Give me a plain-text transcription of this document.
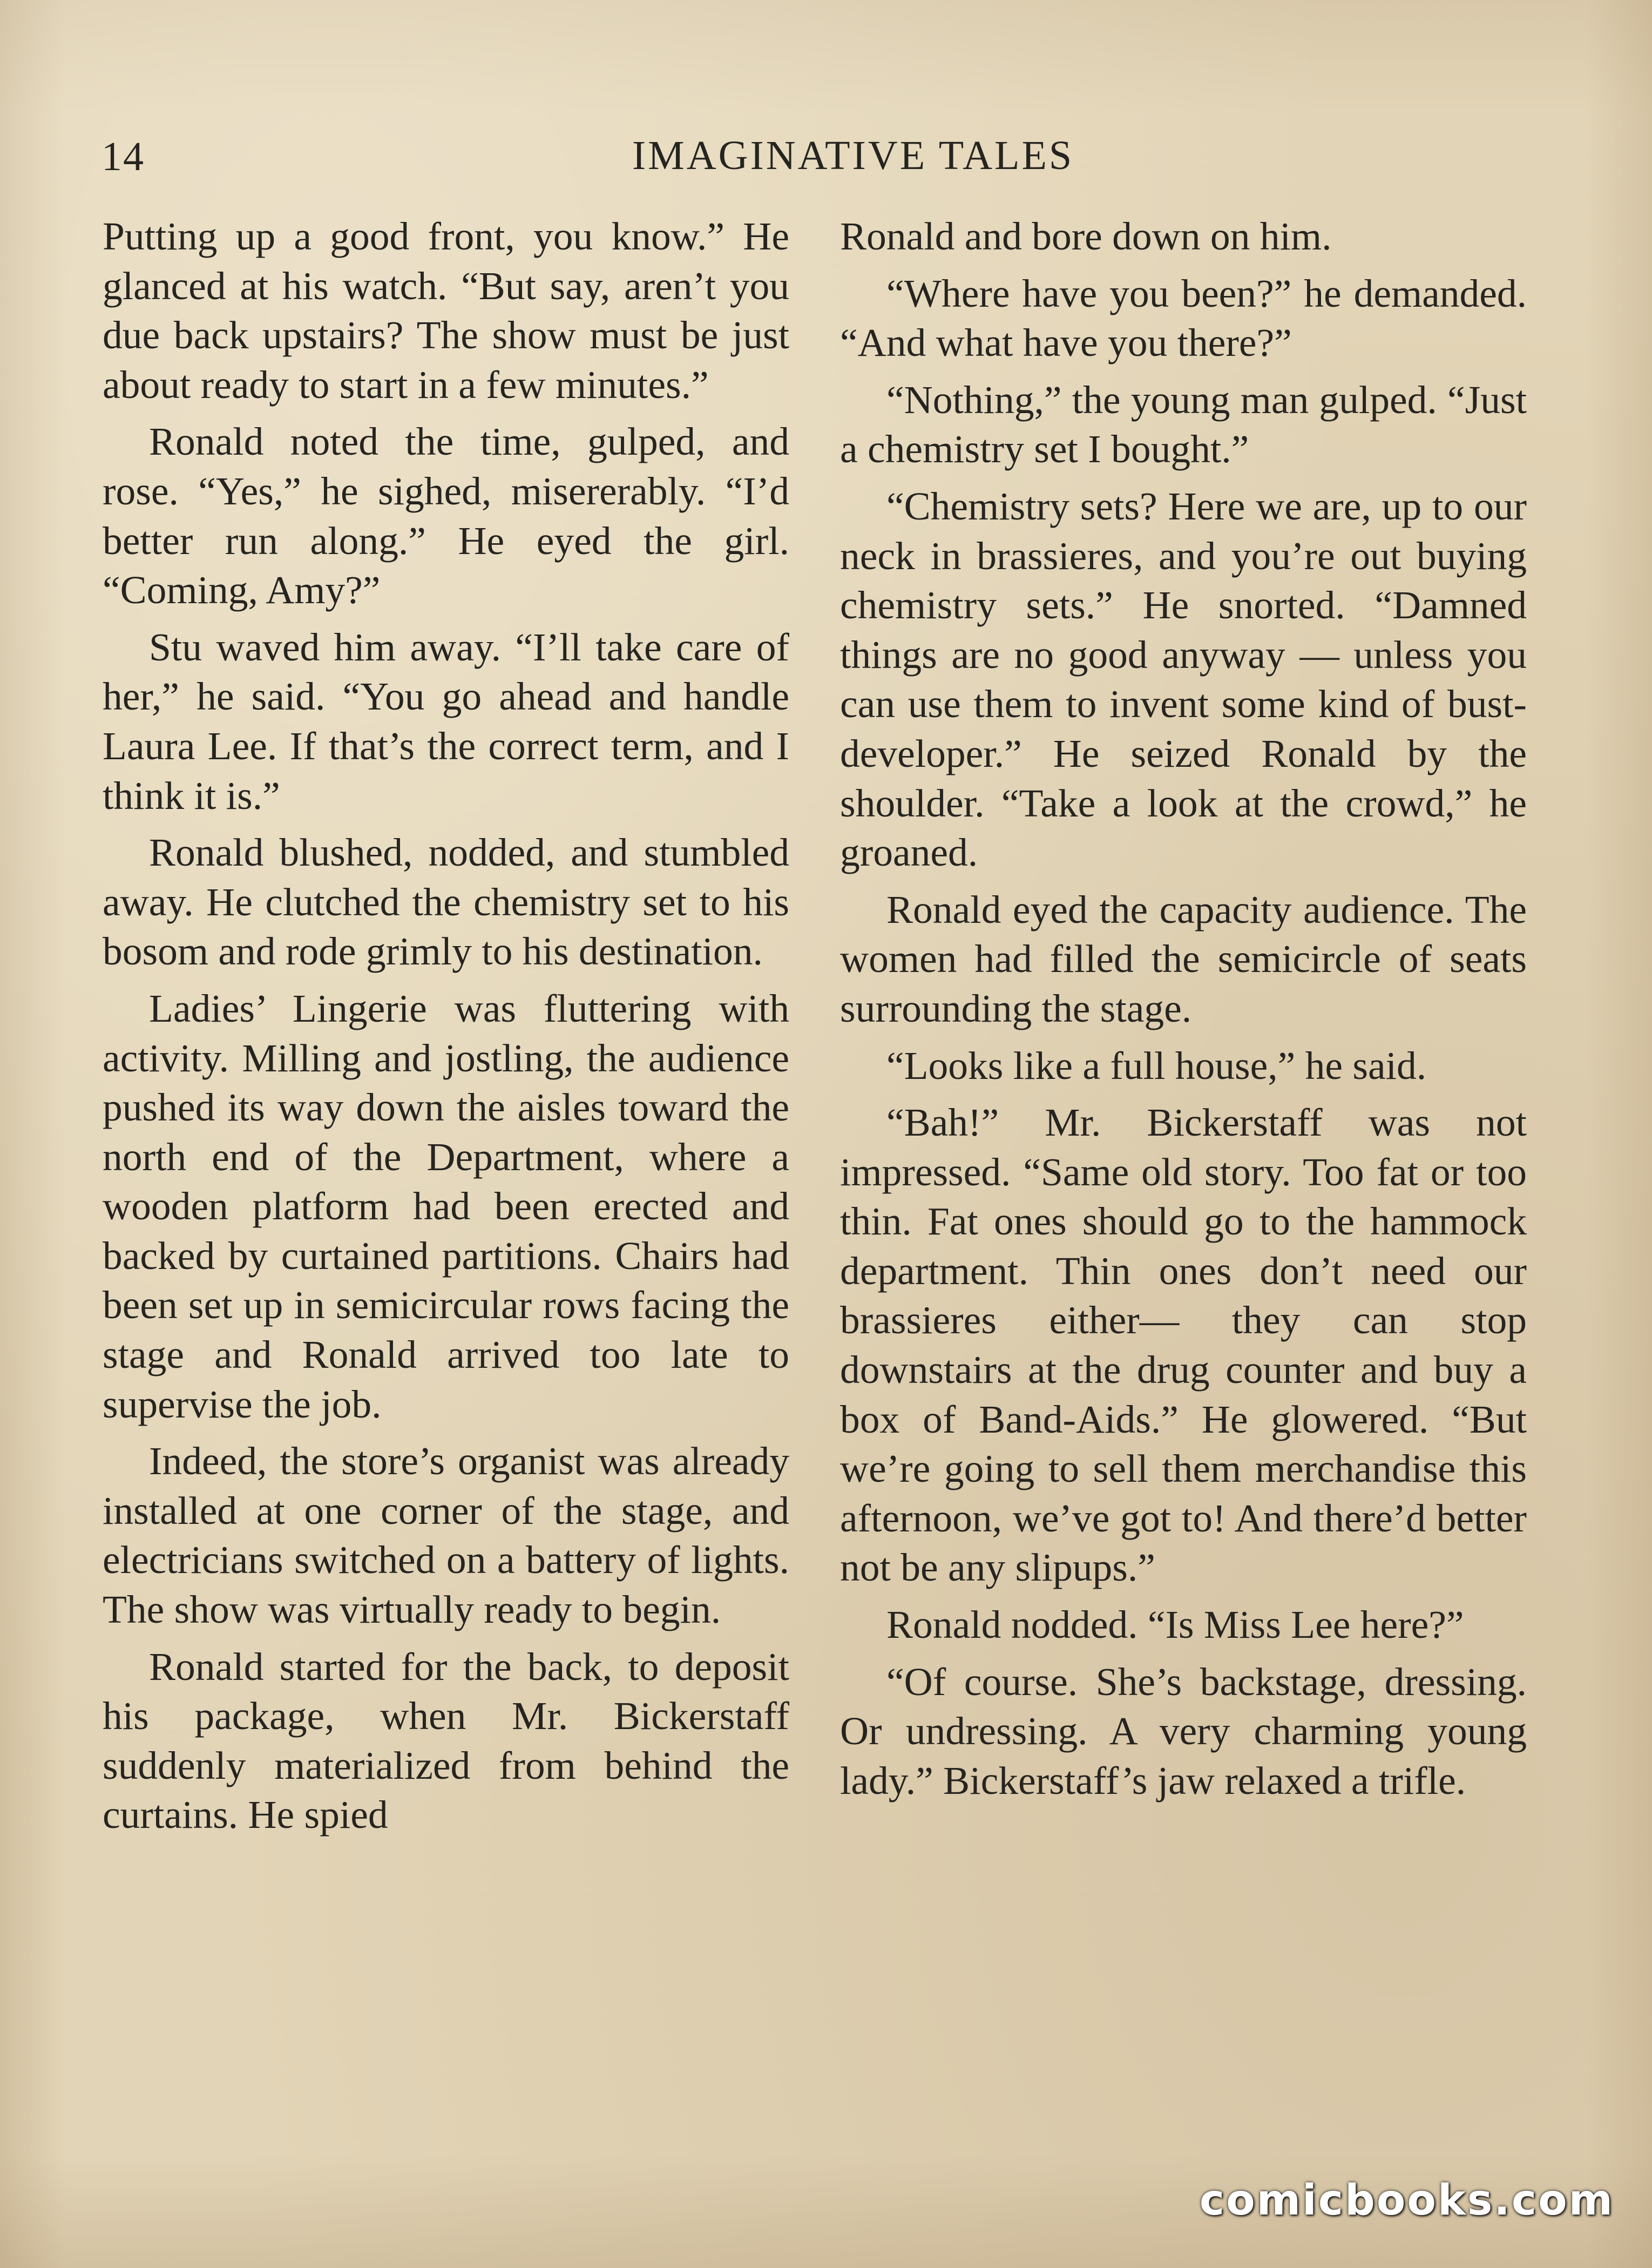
14	IMAGINATIVE TALES

Putting up a good front, you know.” He glanced at his watch. “But say, aren’t you due back upstairs? The show must be just about ready to start in a few minutes.”

Ronald noted the time, gulped, and rose. “Yes,” he sighed, misererably. “I’d better run along.” He eyed the girl. “Coming, Amy?”

Stu waved him away. “I’ll take care of her,” he said. “You go ahead and handle Laura Lee. If that’s the correct term, and I think it is.”

Ronald blushed, nodded, and stumbled away. He clutched the chemistry set to his bosom and rode grimly to his destination.

Ladies’ Lingerie was fluttering with activity. Milling and jostling, the audience pushed its way down the aisles toward the north end of the Department, where a wooden platform had been erected and backed by curtained partitions. Chairs had been set up in semicircular rows facing the stage and Ronald arrived too late to supervise the job.

Indeed, the store’s organist was already installed at one corner of the stage, and electricians switched on a battery of lights. The show was virtually ready to begin.

Ronald started for the back, to deposit his package, when Mr. Bickerstaff suddenly materialized from behind the curtains. He spied

Ronald and bore down on him.

“Where have you been?” he demanded. “And what have you there?”

“Nothing,” the young man gulped. “Just a chemistry set I bought.”

“Chemistry sets? Here we are, up to our neck in brassieres, and you’re out buying chemistry sets.” He snorted. “Damned things are no good anyway — unless you can use them to invent some kind of bust-developer.” He seized Ronald by the shoulder. “Take a look at the crowd,” he groaned.

Ronald eyed the capacity audience. The women had filled the semicircle of seats surrounding the stage.

“Looks like a full house,” he said.

“Bah!” Mr. Bickerstaff was not impressed. “Same old story. Too fat or too thin. Fat ones should go to the hammock department. Thin ones don’t need our brassieres either— they can stop downstairs at the drug counter and buy a box of Band-Aids.” He glowered. “But we’re going to sell them merchandise this afternoon, we’ve got to! And there’d better not be any slipups.”

Ronald nodded. “Is Miss Lee here?”

“Of course. She’s backstage, dressing. Or undressing. A very charming young lady.” Bickerstaff’s jaw relaxed a trifle.

comicbooks.com
